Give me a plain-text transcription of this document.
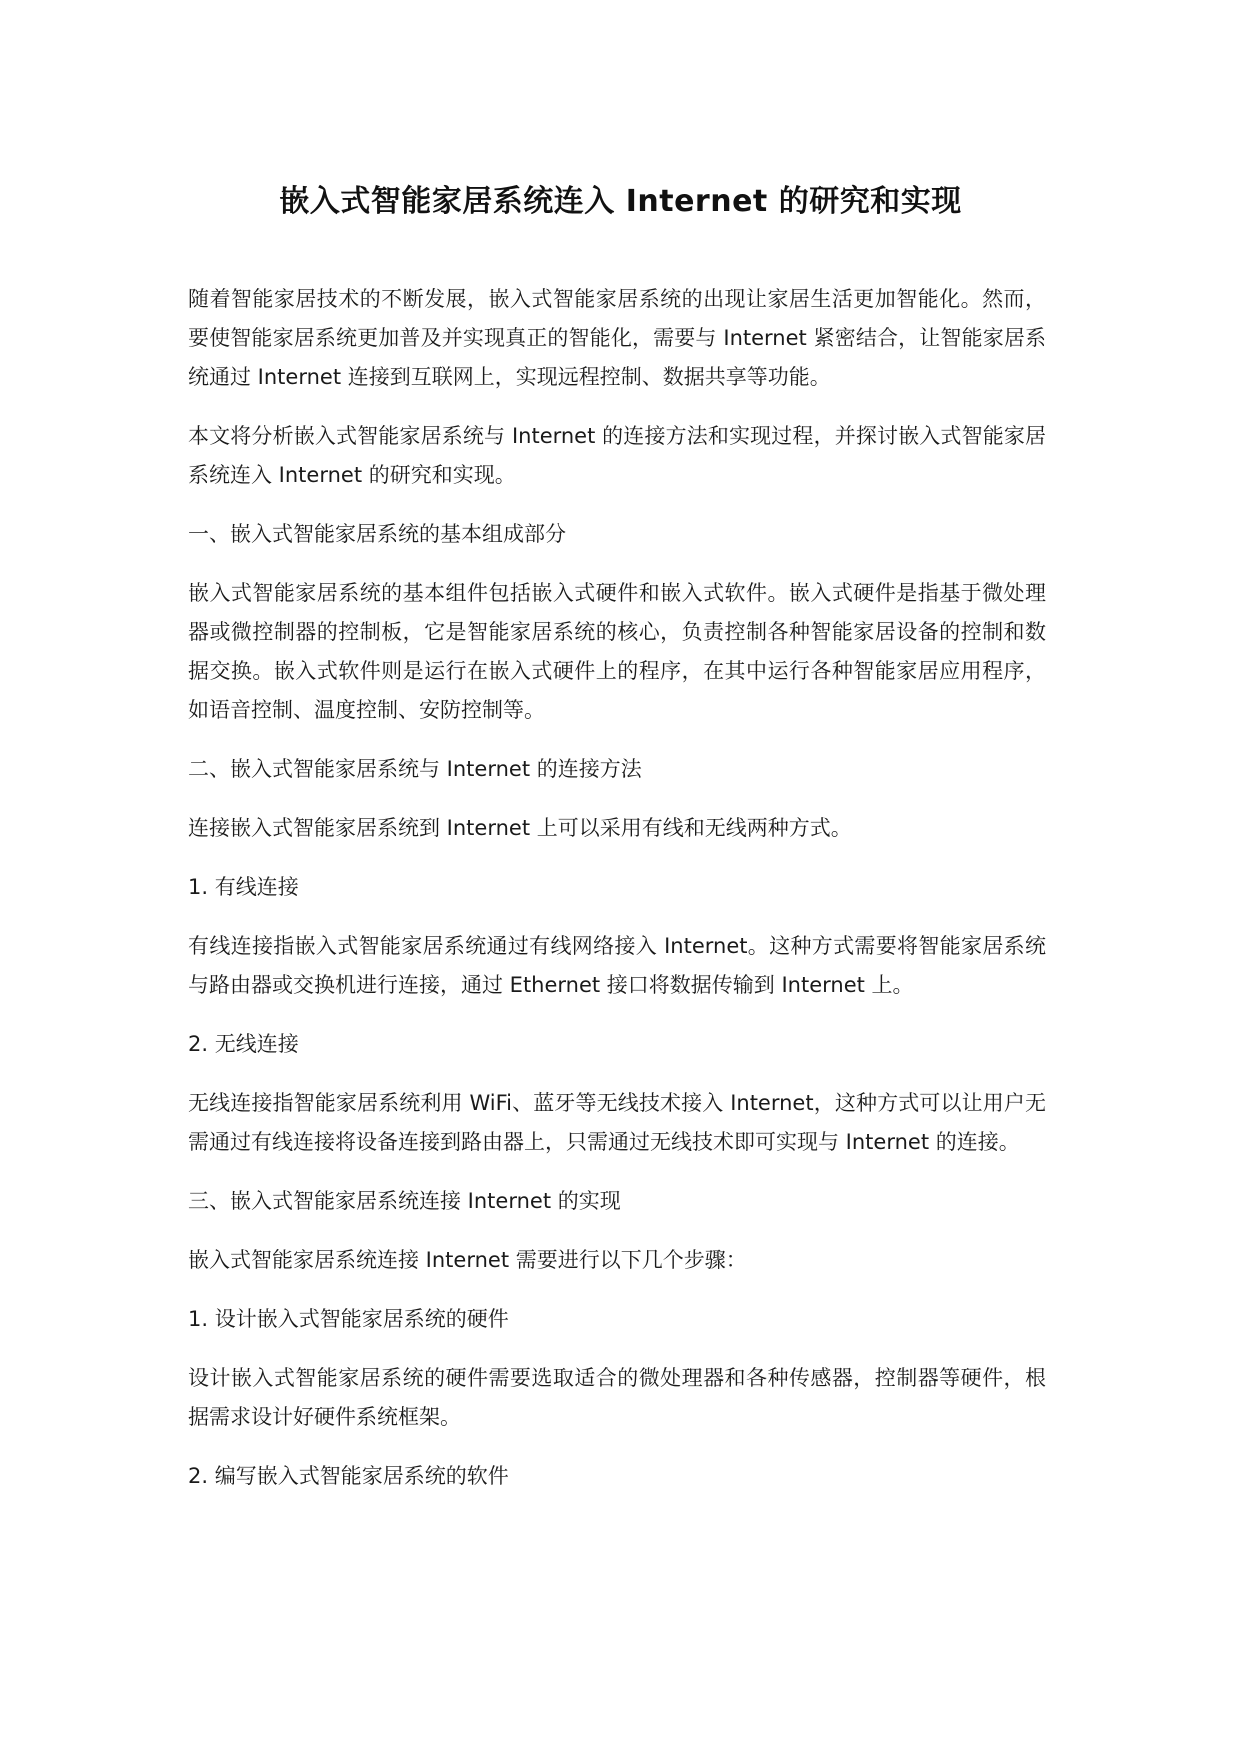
嵌入式智能家居系统连入 Internet 的研究和实现

随着智能家居技术的不断发展，嵌入式智能家居系统的出现让家居生活更加智能化。然而，要使智能家居系统更加普及并实现真正的智能化，需要与 Internet 紧密结合，让智能家居系统通过 Internet 连接到互联网上，实现远程控制、数据共享等功能。

本文将分析嵌入式智能家居系统与 Internet 的连接方法和实现过程，并探讨嵌入式智能家居系统连入 Internet 的研究和实现。

一、嵌入式智能家居系统的基本组成部分

嵌入式智能家居系统的基本组件包括嵌入式硬件和嵌入式软件。嵌入式硬件是指基于微处理器或微控制器的控制板，它是智能家居系统的核心，负责控制各种智能家居设备的控制和数据交换。嵌入式软件则是运行在嵌入式硬件上的程序，在其中运行各种智能家居应用程序，如语音控制、温度控制、安防控制等。

二、嵌入式智能家居系统与 Internet 的连接方法

连接嵌入式智能家居系统到 Internet 上可以采用有线和无线两种方式。

1. 有线连接

有线连接指嵌入式智能家居系统通过有线网络接入 Internet。这种方式需要将智能家居系统与路由器或交换机进行连接，通过 Ethernet 接口将数据传输到 Internet 上。

2. 无线连接

无线连接指智能家居系统利用 WiFi、蓝牙等无线技术接入 Internet，这种方式可以让用户无需通过有线连接将设备连接到路由器上，只需通过无线技术即可实现与 Internet 的连接。

三、嵌入式智能家居系统连接 Internet 的实现

嵌入式智能家居系统连接 Internet 需要进行以下几个步骤：

1. 设计嵌入式智能家居系统的硬件

设计嵌入式智能家居系统的硬件需要选取适合的微处理器和各种传感器，控制器等硬件，根据需求设计好硬件系统框架。

2. 编写嵌入式智能家居系统的软件
